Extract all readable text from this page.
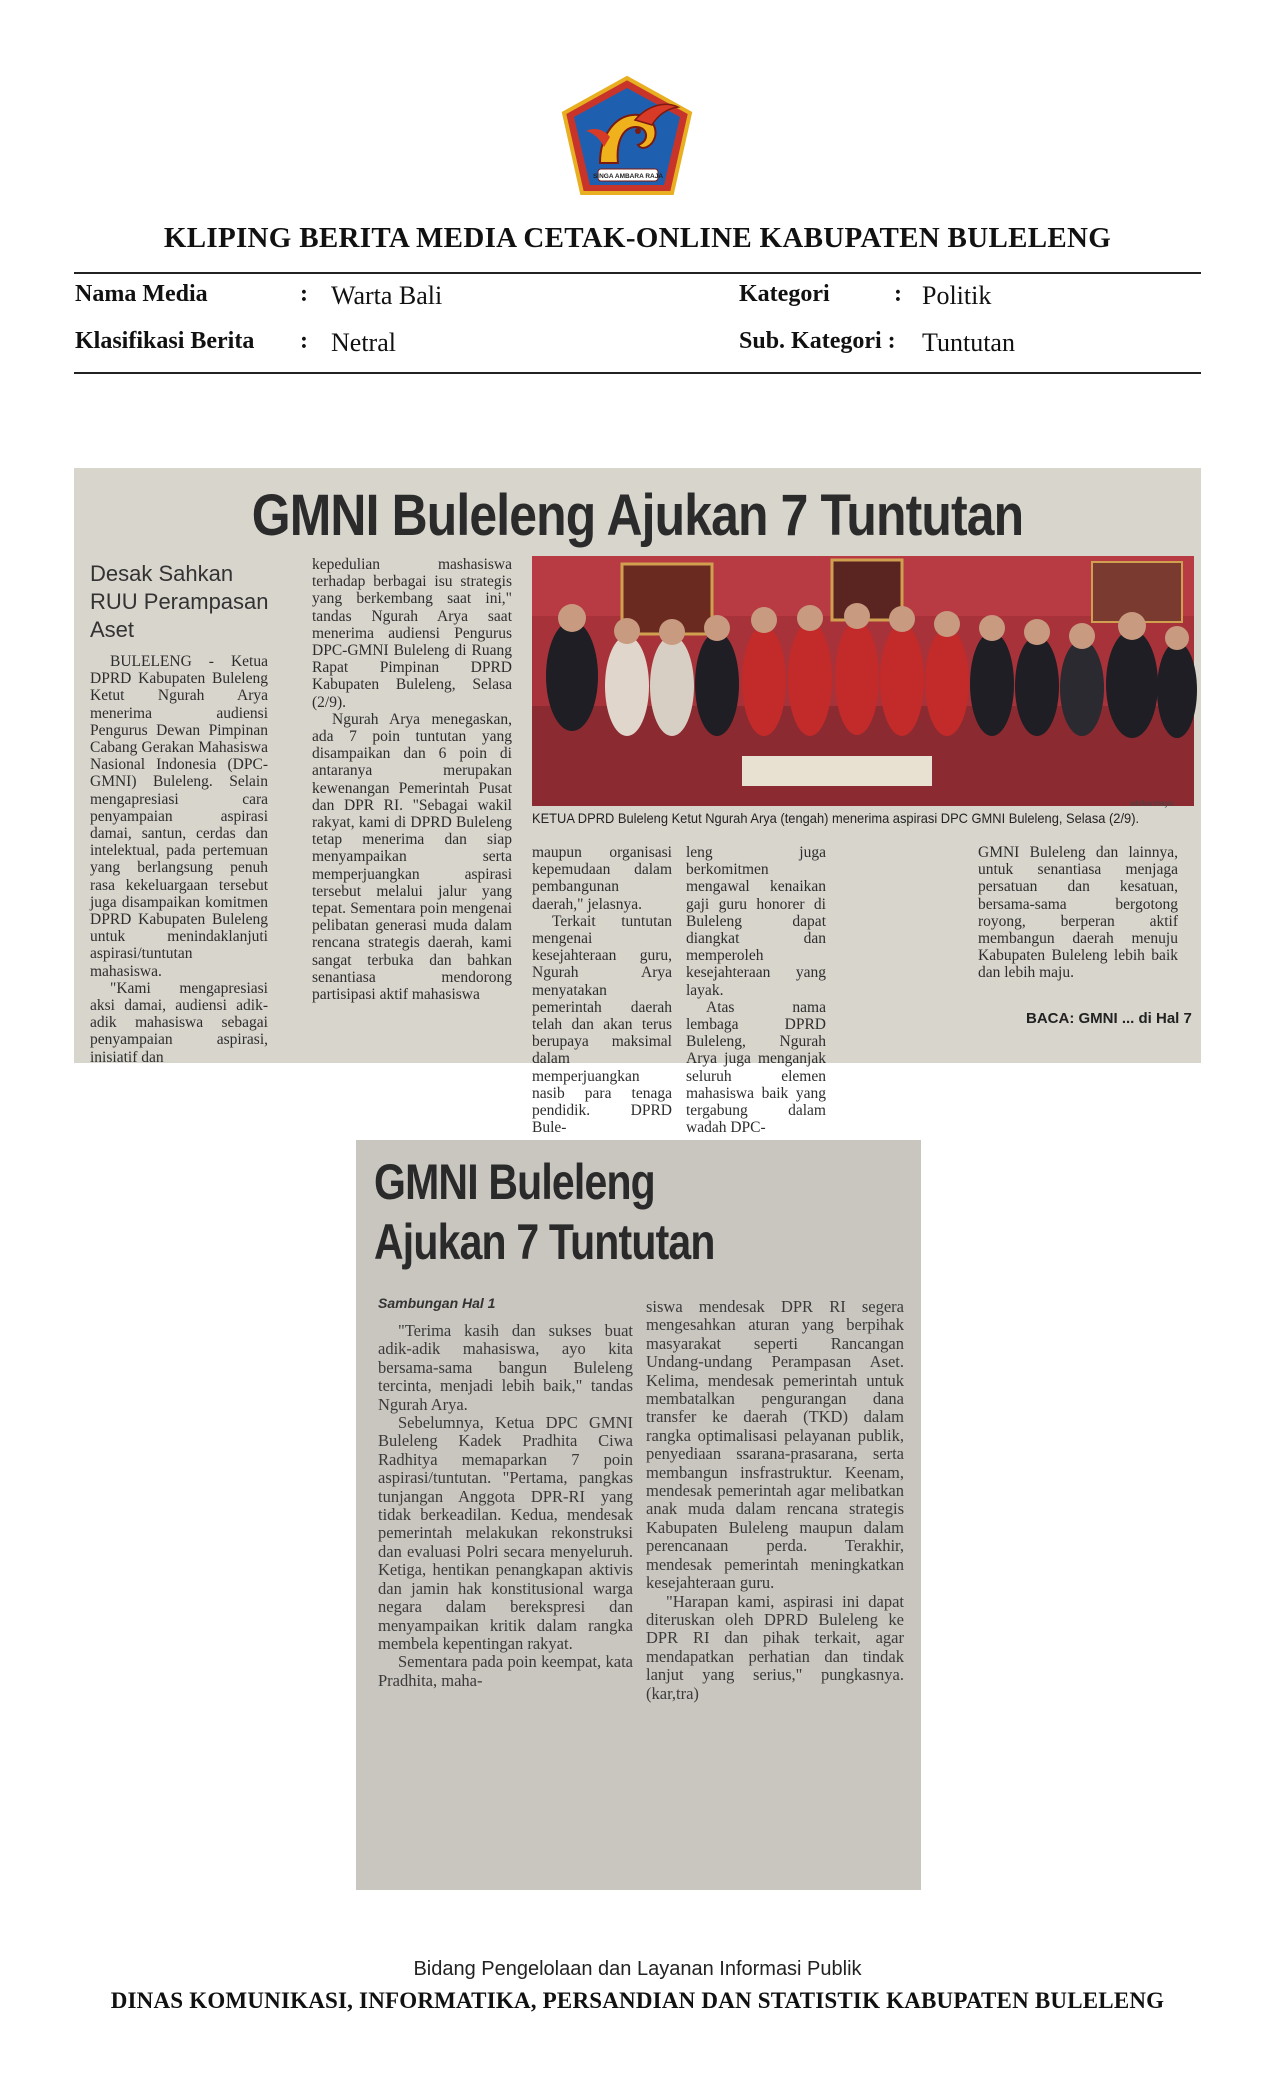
SINGA AMBARA RAJA
KLIPING BERITA MEDIA CETAK-ONLINE KABUPATEN BULELENG
Nama Media	: Warta Bali
Klasifikasi Berita : Netral
Kategori	: Politik
Sub. Kategori : Tuntutan
GMNI Buleleng Ajukan 7 Tuntutan
Desak Sahkan RUU Perampasan Aset

BULELENG - Ketua DPRD Kabupaten Buleleng Ketut Ngurah Arya menerima audiensi Pengurus Dewan Pimpinan Cabang Gerakan Mahasiswa Nasional Indonesia (DPC-GMNI) Buleleng. Selain mengapresiasi cara penyampaian aspirasi damai, santun, cerdas dan intelektual, pada pertemuan yang berlangsung penuh rasa kekeluargaan tersebut juga disampaikan komitmen DPRD Kabupaten Buleleng untuk menindaklanjuti aspirasi/tuntutan mahasiswa.

"Kami mengapresiasi aksi damai, audiensi adik-adik mahasiswa sebagai penyampaian aspirasi, inisiatif dan

kepedulian mashasiswa terhadap berbagai isu strategis yang berkembang saat ini," tandas Ngurah Arya saat menerima audiensi Pengurus DPC-GMNI Buleleng di Ruang Rapat Pimpinan DPRD Kabupaten Buleleng, Selasa (2/9).

Ngurah Arya menegaskan, ada 7 poin tuntutan yang disampaikan dan 6 poin di antaranya merupakan kewenangan Pemerintah Pusat dan DPR RI. "Sebagai wakil rakyat, kami di DPRD Buleleng tetap menerima dan siap menyampaikan serta memperjuangkan aspirasi tersebut melalui jalur yang tepat. Sementara poin mengenai pelibatan generasi muda dalam rencana strategis daerah, kami sangat terbuka dan bahkan senantiasa mendorong partisipasi aktif mahasiswa

wb/karmaya
KETUA DPRD Buleleng Ketut Ngurah Arya (tengah) menerima aspirasi DPC GMNI Buleleng, Selasa (2/9).

maupun organisasi kepemudaan dalam pembangunan daerah," jelasnya.

Terkait tuntutan mengenai kesejahteraan guru, Ngurah Arya menyatakan pemerintah daerah telah dan akan terus berupaya maksimal dalam memperjuangkan nasib para tenaga pendidik. DPRD Bule-

leng juga berkomitmen mengawal kenaikan gaji guru honorer di Buleleng dapat diangkat dan memperoleh kesejahteraan yang layak.

Atas nama lembaga DPRD Buleleng, Ngurah Arya juga menganjak seluruh elemen mahasiswa baik yang tergabung dalam wadah DPC-

GMNI Buleleng dan lainnya, untuk senantiasa menjaga persatuan dan kesatuan, bersama-sama bergotong royong, berperan aktif membangun daerah menuju Kabupaten Buleleng lebih baik dan lebih maju.

BACA: GMNI ... di Hal 7
GMNI Buleleng
Ajukan 7 Tuntutan
Sambungan Hal 1

"Terima kasih dan sukses buat adik-adik mahasiswa, ayo kita bersama-sama bangun Buleleng tercinta, menjadi lebih baik," tandas Ngurah Arya.

Sebelumnya, Ketua DPC GMNI Buleleng Kadek Pradhita Ciwa Radhitya memaparkan 7 poin aspirasi/tuntutan. "Pertama, pangkas tunjangan Anggota DPR-RI yang tidak berkeadilan. Kedua, mendesak pemerintah melakukan rekonstruksi dan evaluasi Polri secara menyeluruh. Ketiga, hentikan penangkapan aktivis dan jamin hak konstitusional warga negara dalam berekspresi dan menyampaikan kritik dalam rangka membela kepentingan rakyat.

Sementara pada poin keempat, kata Pradhita, maha-

siswa mendesak DPR RI segera mengesahkan aturan yang berpihak masyarakat seperti Rancangan Undang-undang Perampasan Aset. Kelima, mendesak pemerintah untuk membatalkan pengurangan dana transfer ke daerah (TKD) dalam rangka optimalisasi pelayanan publik, penyediaan ssarana-prasarana, serta membangun insfrastruktur. Keenam, mendesak pemerintah agar melibatkan anak muda dalam rencana strategis Kabupaten Buleleng maupun dalam perencanaan perda. Terakhir, mendesak pemerintah meningkatkan kesejahteraan guru.

"Harapan kami, aspirasi ini dapat diteruskan oleh DPRD Buleleng ke DPR RI dan pihak terkait, agar mendapatkan perhatian dan tindak lanjut yang serius," pungkasnya. (kar,tra)

Bidang Pengelolaan dan Layanan Informasi Publik
DINAS KOMUNIKASI, INFORMATIKA, PERSANDIAN DAN STATISTIK KABUPATEN BULELENG
